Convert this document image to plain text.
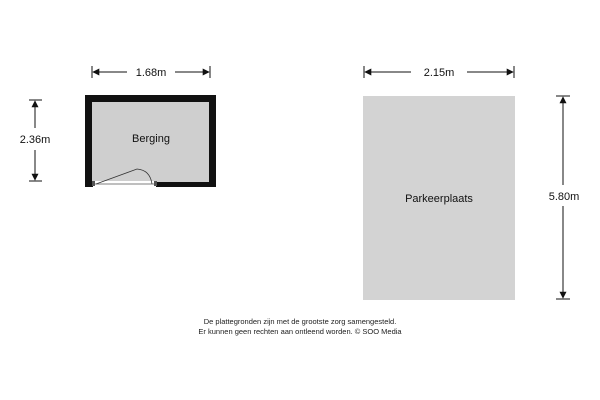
1.68m
2.36m	Berging
2.15m
Parkeerplaats	5.80m
De plattegronden zijn met de grootste zorg samengesteld.
Er kunnen geen rechten aan ontleend worden. © SOO Media
